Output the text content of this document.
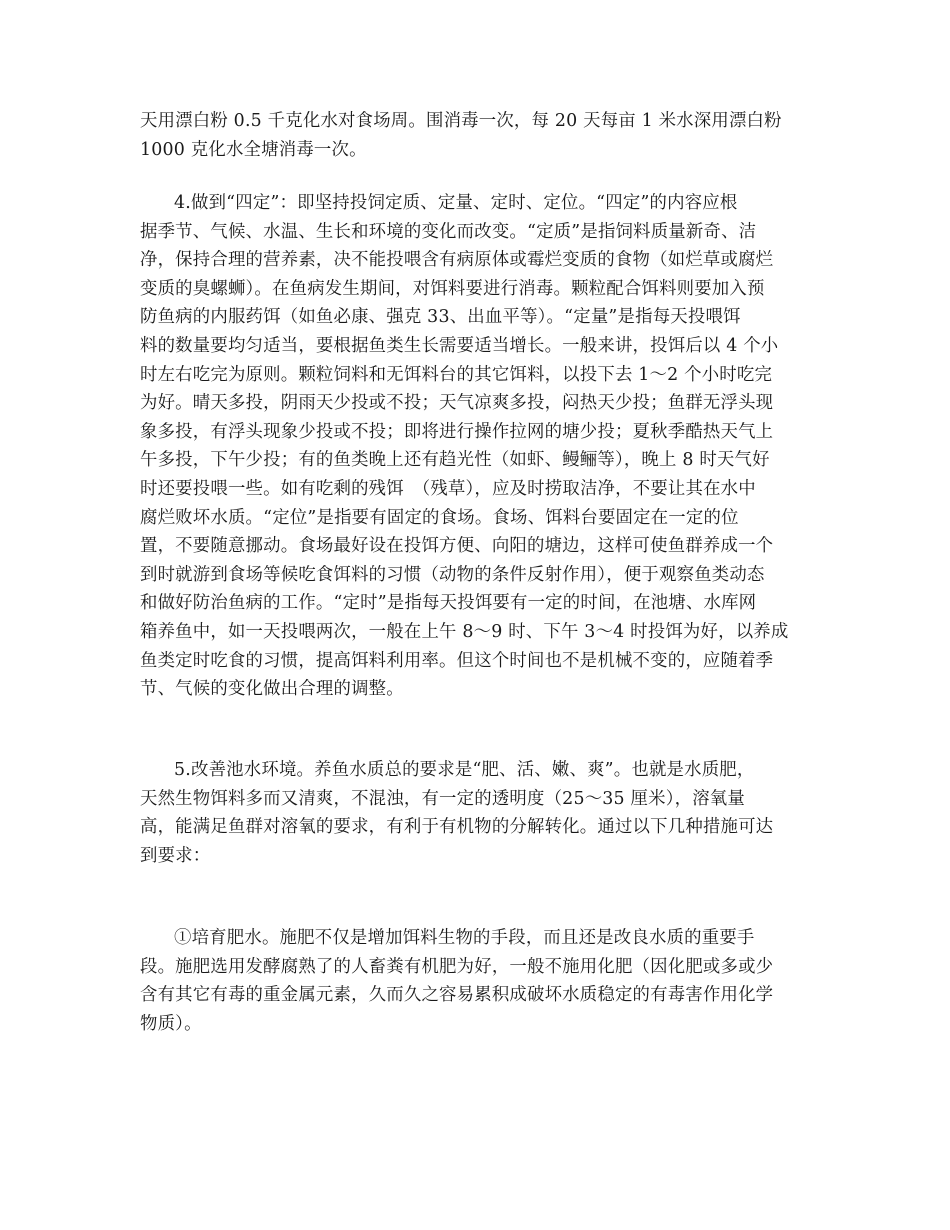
天用漂白粉 0.5 千克化水对食场周。围消毒一次，每 20 天每亩 1 米水深用漂白粉
1000 克化水全塘消毒一次。
4.做到“四定”：即坚持投饲定质、定量、定时、定位。“四定”的内容应根
据季节、气候、水温、生长和环境的变化而改变。“定质”是指饲料质量新奇、洁
净，保持合理的营养素，决不能投喂含有病原体或霉烂变质的食物（如烂草或腐烂
变质的臭螺蛳）。在鱼病发生期间，对饵料要进行消毒。颗粒配合饵料则要加入预
防鱼病的内服药饵（如鱼必康、强克 33、出血平等）。“定量”是指每天投喂饵
料的数量要均匀适当，要根据鱼类生长需要适当增长。一般来讲，投饵后以 4 个小
时左右吃完为原则。颗粒饲料和无饵料台的其它饵料，以投下去 1～2 个小时吃完
为好。晴天多投，阴雨天少投或不投；天气凉爽多投，闷热天少投；鱼群无浮头现
象多投，有浮头现象少投或不投；即将进行操作拉网的塘少投；夏秋季酷热天气上
午多投，下午少投；有的鱼类晚上还有趋光性（如虾、鳗鲡等），晚上 8 时天气好
时还要投喂一些。如有吃剩的残饵　（残草），应及时捞取洁净，不要让其在水中
腐烂败坏水质。“定位”是指要有固定的食场。食场、饵料台要固定在一定的位
置，不要随意挪动。食场最好设在投饵方便、向阳的塘边，这样可使鱼群养成一个
到时就游到食场等候吃食饵料的习惯（动物的条件反射作用），便于观察鱼类动态
和做好防治鱼病的工作。“定时”是指每天投饵要有一定的时间，在池塘、水库网
箱养鱼中，如一天投喂两次，一般在上午 8～9 时、下午 3～4 时投饵为好，以养成
鱼类定时吃食的习惯，提高饵料利用率。但这个时间也不是机械不变的，应随着季
节、气候的变化做出合理的调整。
5.改善池水环境。养鱼水质总的要求是“肥、活、嫩、爽”。也就是水质肥，
天然生物饵料多而又清爽，不混浊，有一定的透明度（25～35 厘米），溶氧量
高，能满足鱼群对溶氧的要求，有利于有机物的分解转化。通过以下几种措施可达
到要求：
①培育肥水。施肥不仅是增加饵料生物的手段，而且还是改良水质的重要手
段。施肥选用发酵腐熟了的人畜粪有机肥为好，一般不施用化肥（因化肥或多或少
含有其它有毒的重金属元素，久而久之容易累积成破坏水质稳定的有毒害作用化学
物质）。
